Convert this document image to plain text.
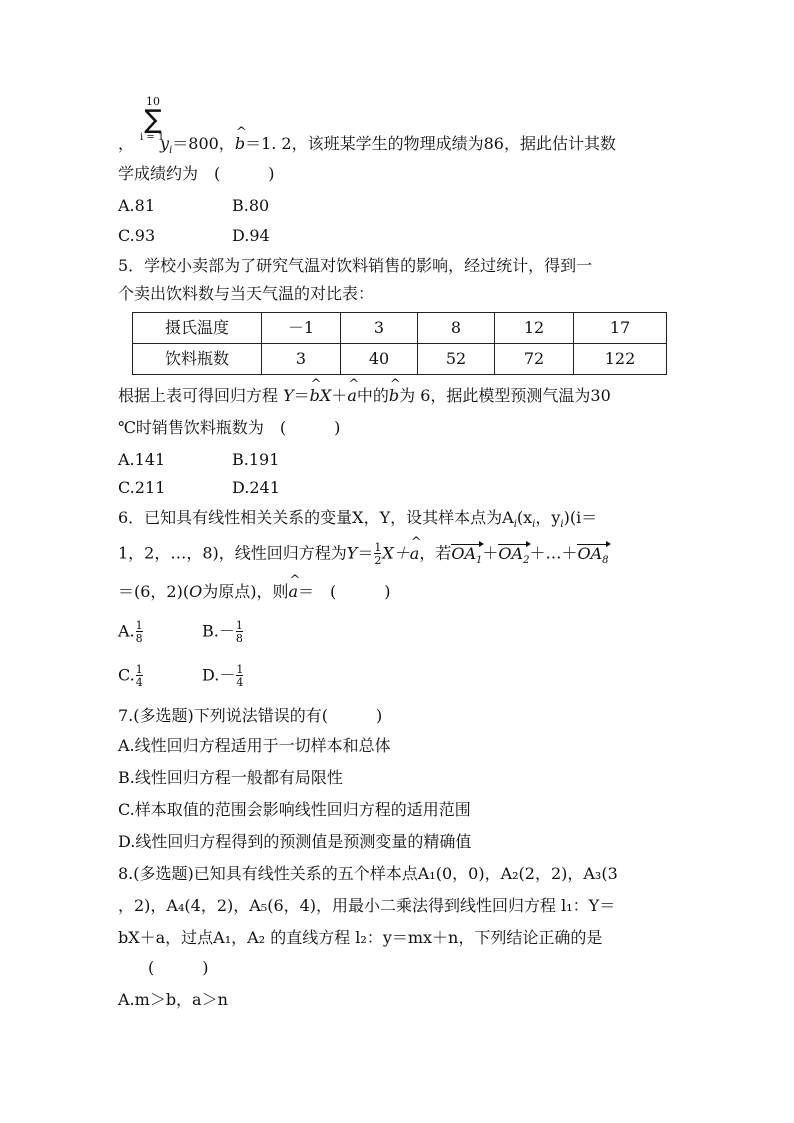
10
∑
i = 1
， $y_i=800$，^ b＝1. 2，该班某学生的物理成绩为86，据此估计其数
学成绩约为　(　　　)
A.81	B.80
C.93	D.94
5．学校小卖部为了研究气温对饮料销售的影响，经过统计，得到一
个卖出饮料数与当天气温的对比表：
摄氏温度	－1	3	8	12	17
饮料瓶数	3	40	52	72	122
根据上表可得回归方程 Y＝^ bX＋^ a中的^ b为 6，据此模型预测气温为30
℃时销售饮料瓶数为　(　　　)
A.141	B.191
C.211	D.241
6．已知具有线性相关关系的变量X，Y，设其样本点为$A_i(x_i$，$y_i)(i=$
1，2，…，8)，线性回归方程为$Y= \frac{1}{2}$ X＋^ a，若$OA_1+OA_2+\dots+OA_8$
＝(6，2)(O为原点)，则^ a＝　(　　　)
A. $\frac{1}{8}$	$B.- \frac{1}{8}$
C. $\frac{1}{4}$	$D.- \frac{1}{4}$
7.(多选题)下列说法错误的有(　　　)
A.线性回归方程适用于一切样本和总体
B.线性回归方程一般都有局限性
C.样本取值的范围会影响线性回归方程的适用范围
D.线性回归方程得到的预测值是预测变量的精确值
8.(多选题)已知具有线性关系的五个样本点A₁(0，0)，A₂(2，2)，A₃(3
，2)，A₄(4，2)，A₅(6，4)，用最小二乘法得到线性回归方程 l₁：Y＝
bX＋a，过点A₁，A₂ 的直线方程 l₂：y＝mx＋n，下列结论正确的是
(　　　)
A.m＞b，a＞n
